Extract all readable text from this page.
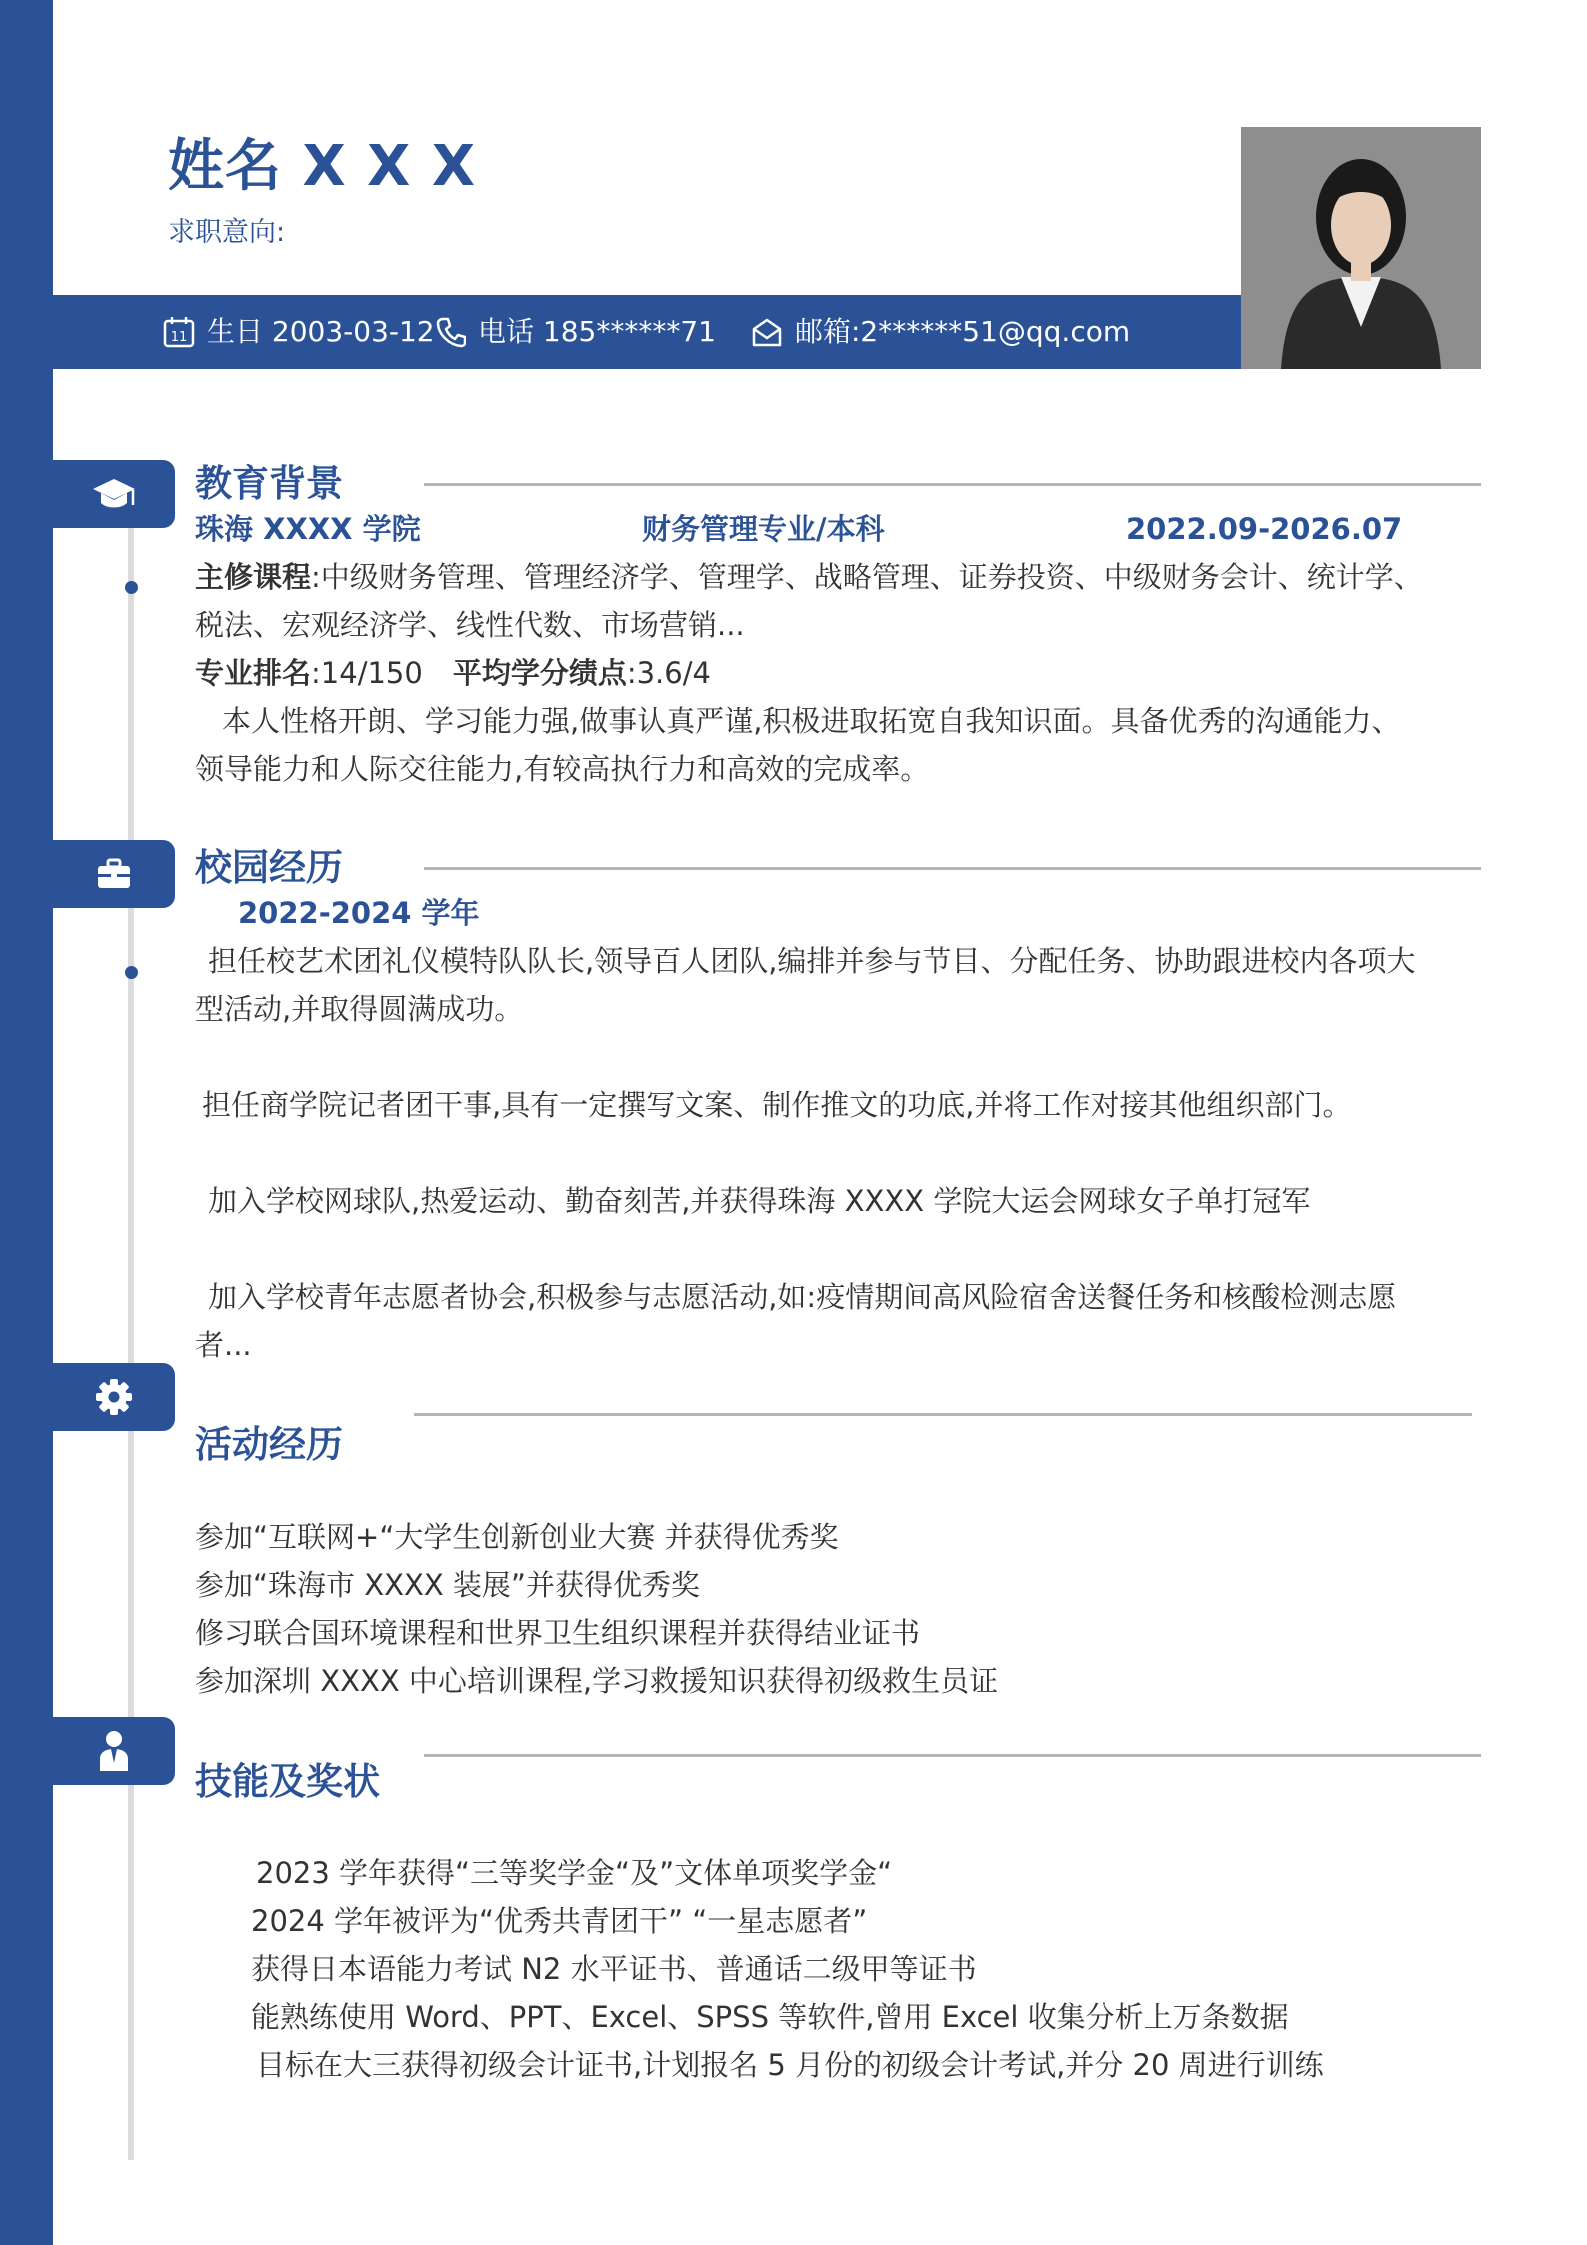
姓名 X X X
求职意向:
11 生日 2003-03-12 电话 185******71	邮箱:2******51@qq.com
教育背景
珠海 XXXX 学院	财务管理专业/本科	2022.09-2026.07
主修课程:中级财务管理、管理经济学、管理学、战略管理、证券投资、中级财务会计、统计学、
税法、宏观经济学、线性代数、市场营销...
专业排名:14/150 平均学分绩点:3.6/4
本人性格开朗、学习能力强,做事认真严谨,积极进取拓宽自我知识面。具备优秀的沟通能力、
领导能力和人际交往能力,有较高执行力和高效的完成率。
校园经历
2022-2024 学年
担任校艺术团礼仪模特队队长,领导百人团队,编排并参与节目、分配任务、协助跟进校内各项大
型活动,并取得圆满成功。
担任商学院记者团干事,具有一定撰写文案、制作推文的功底,并将工作对接其他组织部门。
加入学校网球队,热爱运动、勤奋刻苦,并获得珠海 XXXX 学院大运会网球女子单打冠军
加入学校青年志愿者协会,积极参与志愿活动,如:疫情期间高风险宿舍送餐任务和核酸检测志愿
者...
活动经历
参加“互联网+“大学生创新创业大赛 并获得优秀奖
参加“珠海市 XXXX 装展”并获得优秀奖
修习联合国环境课程和世界卫生组织课程并获得结业证书
参加深圳 XXXX 中心培训课程,学习救援知识获得初级救生员证
技能及奖状
2023 学年获得“三等奖学金“及”文体单项奖学金“
2024 学年被评为“优秀共青团干” “一星志愿者”
获得日本语能力考试 N2 水平证书、普通话二级甲等证书
能熟练使用 Word、PPT、Excel、SPSS 等软件,曾用 Excel 收集分析上万条数据
目标在大三获得初级会计证书,计划报名 5 月份的初级会计考试,并分 20 周进行训练
